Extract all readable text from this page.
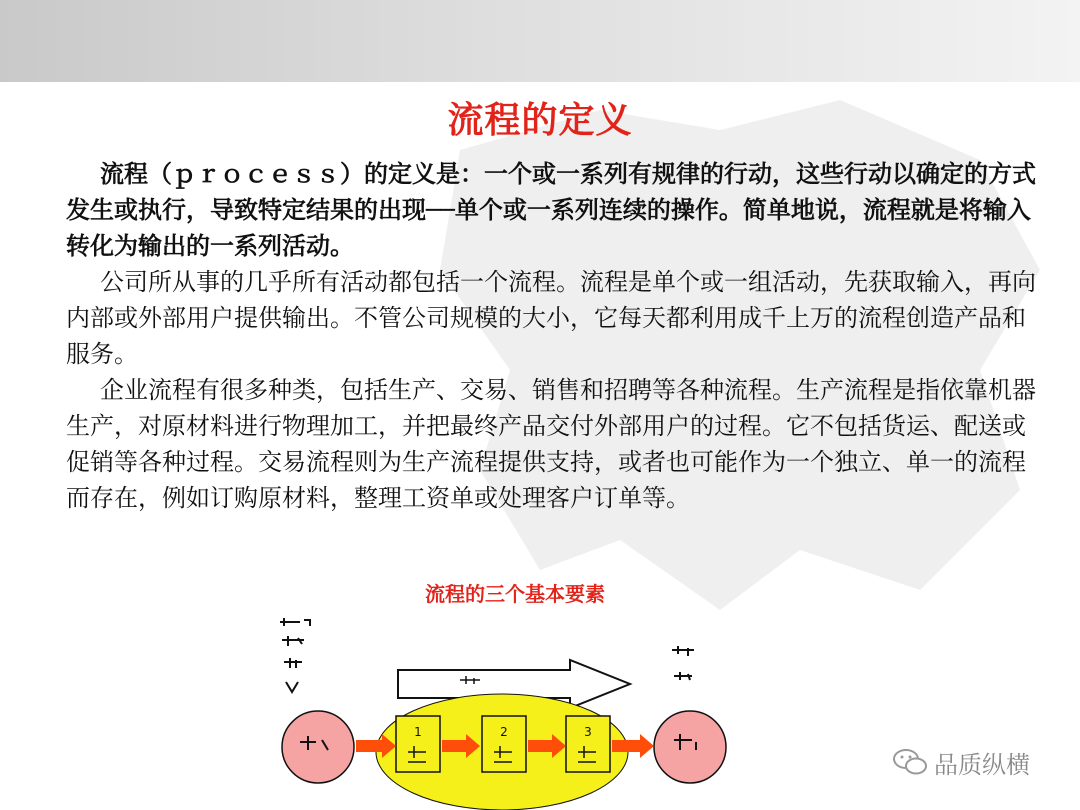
流程的定义

流程（ｐｒｏｃｅｓｓ）的定义是：一个或一系列有规律的行动，这些行动以确定的方式发生或执行，导致特定结果的出现──单个或一系列连续的操作。简单地说，流程就是将输入转化为输出的一系列活动。

公司所从事的几乎所有活动都包括一个流程。流程是单个或一组活动，先获取输入，再向内部或外部用户提供输出。不管公司规模的大小，它每天都利用成千上万的流程创造产品和服务。

企业流程有很多种类，包括生产、交易、销售和招聘等各种流程。生产流程是指依靠机器生产，对原材料进行物理加工，并把最终产品交付外部用户的过程。它不包括货运、配送或促销等各种过程。交易流程则为生产流程提供支持，或者也可能作为一个独立、单一的流程而存在，例如订购原材料，整理工资单或处理客户订单等。

流程的三个基本要素
1	2	3
品质纵横
